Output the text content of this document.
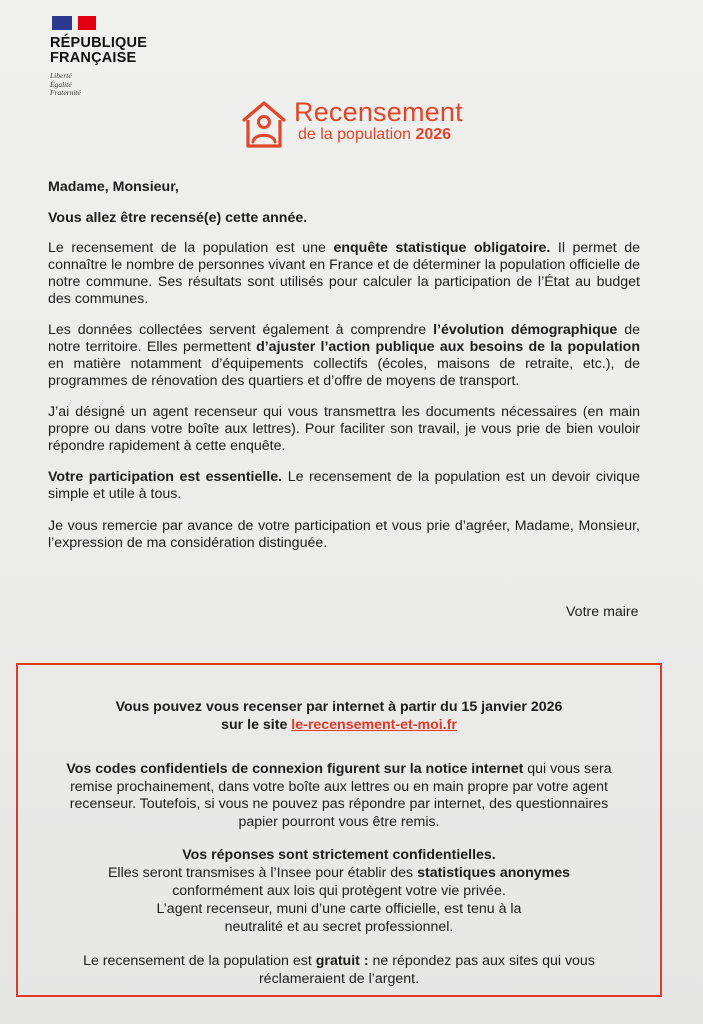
RÉPUBLIQUE
FRANÇAISE
Liberté
Égalité
Fraternité
Recensement
de la population 2026
Madame, Monsieur,
Vous allez être recensé(e) cette année.

Le recensement de la population est une enquête statistique obligatoire. Il permet de connaître le nombre de personnes vivant en France et de déterminer la population officielle de notre commune. Ses résultats sont utilisés pour calculer la participation de l’État au budget des communes.

Les données collectées servent également à comprendre l’évolution démographique de notre territoire. Elles permettent d’ajuster l’action publique aux besoins de la population en matière notamment d’équipements collectifs (écoles, maisons de retraite, etc.), de programmes de rénovation des quartiers et d’offre de moyens de transport.

J’ai désigné un agent recenseur qui vous transmettra les documents nécessaires (en main propre ou dans votre boîte aux lettres). Pour faciliter son travail, je vous prie de bien vouloir répondre rapidement à cette enquête.

Votre participation est essentielle. Le recensement de la population est un devoir civique simple et utile à tous.

Je vous remercie par avance de votre participation et vous prie d’agréer, Madame, Monsieur, l’expression de ma considération distinguée.

Votre maire
Vous pouvez vous recenser par internet à partir du 15 janvier 2026
sur le site le-recensement-et-moi.fr
Vos codes confidentiels de connexion figurent sur la notice internet qui vous sera remise prochainement, dans votre boîte aux lettres ou en main propre par votre agent recenseur. Toutefois, si vous ne pouvez pas répondre par internet, des questionnaires papier pourront vous être remis.
Vos réponses sont strictement confidentielles.
Elles seront transmises à l’Insee pour établir des statistiques anonymes conformément aux lois qui protègent votre vie privée.
L’agent recenseur, muni d’une carte officielle, est tenu à la neutralité et au secret professionnel.
Le recensement de la population est gratuit : ne répondez pas aux sites qui vous réclameraient de l’argent.
